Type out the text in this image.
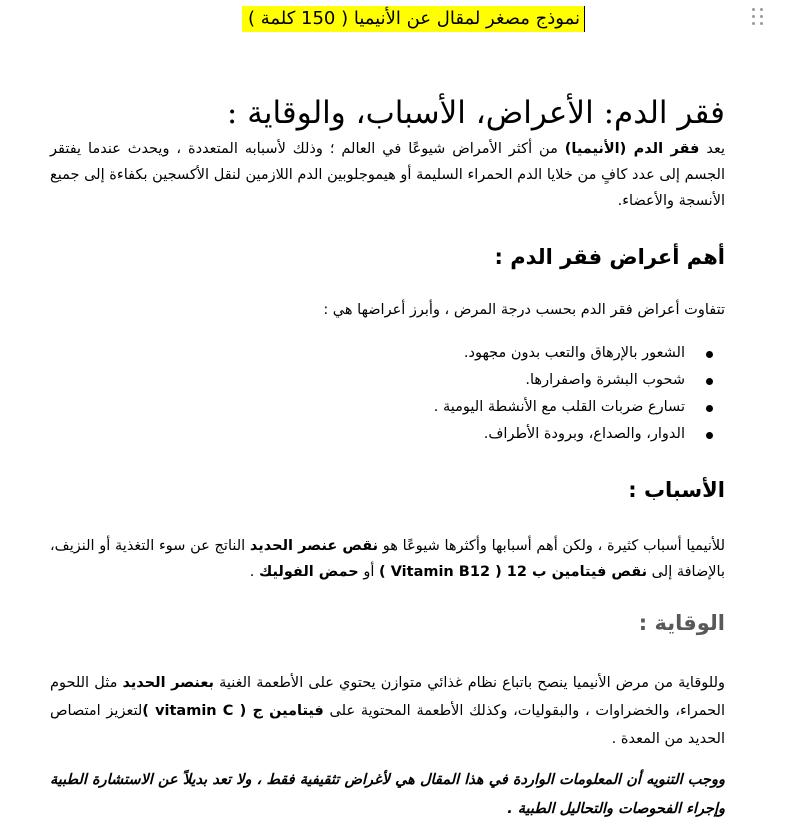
نموذج مصغر لمقال عن الأنيميا ( 150 كلمة )
فقر الدم: الأعراض، الأسباب، والوقاية :

يعد فقر الدم (الأنيميا) من أكثر الأمراض شيوعًا في العالم ؛ وذلك لأسبابه المتعددة ، ويحدث عندما يفتقر الجسم إلى عدد كافٍ من خلايا الدم الحمراء السليمة أو هيموجلوبين الدم اللازمين لنقل الأكسجين بكفاءة إلى جميع الأنسجة والأعضاء.

أهم أعراض فقر الدم :

تتفاوت أعراض فقر الدم بحسب درجة المرض ، وأبرز أعراضها هي :

الشعور بالإرهاق والتعب بدون مجهود.
شحوب البشرة واصفرارها.
تسارع ضربات القلب مع الأنشطة اليومية .
الدوار، والصداع، وبرودة الأطراف.
الأسباب :

للأنيميا أسباب كثيرة ، ولكن أهم أسبابها وأكثرها شيوعًا هو نقص عنصر الحديد الناتج عن سوء التغذية أو النزيف، بالإضافة إلى نقص فيتامين ب 12 ( Vitamin B12 ) أو حمض الفوليك .

الوقاية :

وللوقاية من مرض الأنيميا ينصح باتباع نظام غذائي متوازن يحتوي على الأطعمة الغنية بعنصر الحديد مثل اللحوم الحمراء، والخضراوات ، والبقوليات، وكذلك الأطعمة المحتوية على فيتامين ج ( vitamin C )لتعزيز امتصاص الحديد من المعدة .

ووجب التنويه أن المعلومات الواردة في هذا المقال هي لأغراض تثقيفية فقط ، ولا تعد بديلاً عن الاستشارة الطبية وإجراء الفحوصات والتحاليل الطبية .
